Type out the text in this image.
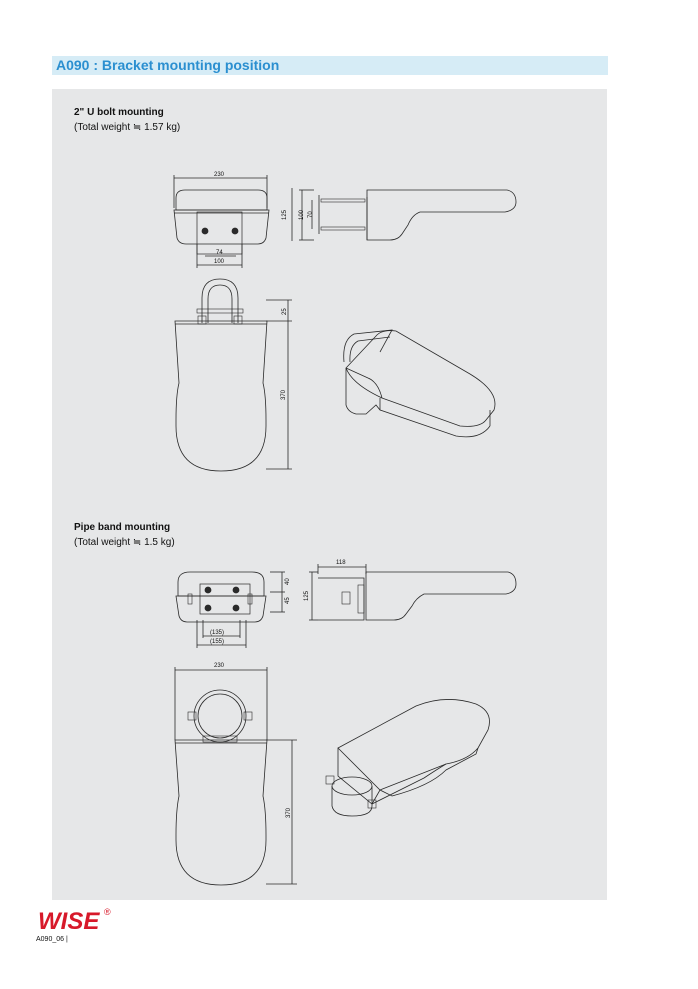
A090 : Bracket mounting position
2" U bolt mounting
(Total weight ≒ 1.57 kg)
Pipe band mounting
(Total weight ≒ 1.5 kg)
230
74
100
125 100 70
25
370
40
45
(135)
(155)
118
125
230
370
WISE ®
A090_06 |
